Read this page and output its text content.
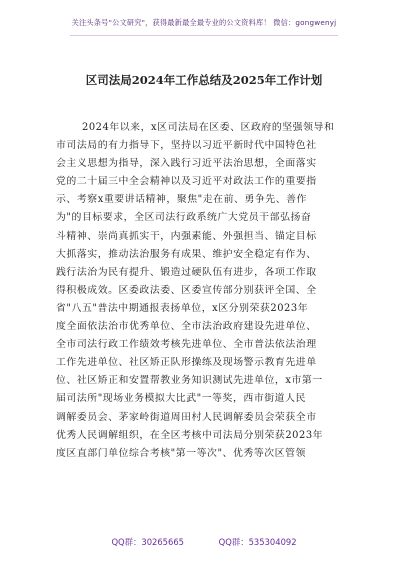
关注头条号"公文研究"，获得最新最全最专业的公文资料库！ 微信：gongwenyj
区司法局2024年工作总结及2025年工作计划
2024年以来，x区司法局在区委、区政府的坚强领导和
市司法局的有力指导下，坚持以习近平新时代中国特色社
会主义思想为指导，深入践行习近平法治思想，全面落实
党的二十届三中全会精神以及习近平对政法工作的重要指
示、考察x重要讲话精神，聚焦"走在前、勇争先、善作
为"的目标要求，全区司法行政系统广大党员干部弘扬奋
斗精神、崇尚真抓实干，内强素能、外强担当、锚定目标
大抓落实，推动法治服务有成果、维护安全稳定有作为、
践行法治为民有提升、锻造过硬队伍有进步，各项工作取
得积极成效。区委政法委、区委宣传部分别获评全国、全
省"八五"普法中期通报表扬单位，x区分别荣获2023年
度全面依法治市优秀单位、全市法治政府建设先进单位、
全市司法行政工作绩效考核先进单位、全市普法依法治理
工作先进单位、社区矫正队形操练及现场警示教育先进单
位、社区矫正和安置帮教业务知识测试先进单位，x市第一
届司法所"现场业务模拟大比武"一等奖，西市街道人民
调解委员会、茅家岭街道周田村人民调解委员会荣获全市
优秀人民调解组织，在全区考核中司法局分别荣获2023年
度区直部门单位综合考核"第一等次"、优秀等次区管领
QQ群：30265665	QQ群：535304092
